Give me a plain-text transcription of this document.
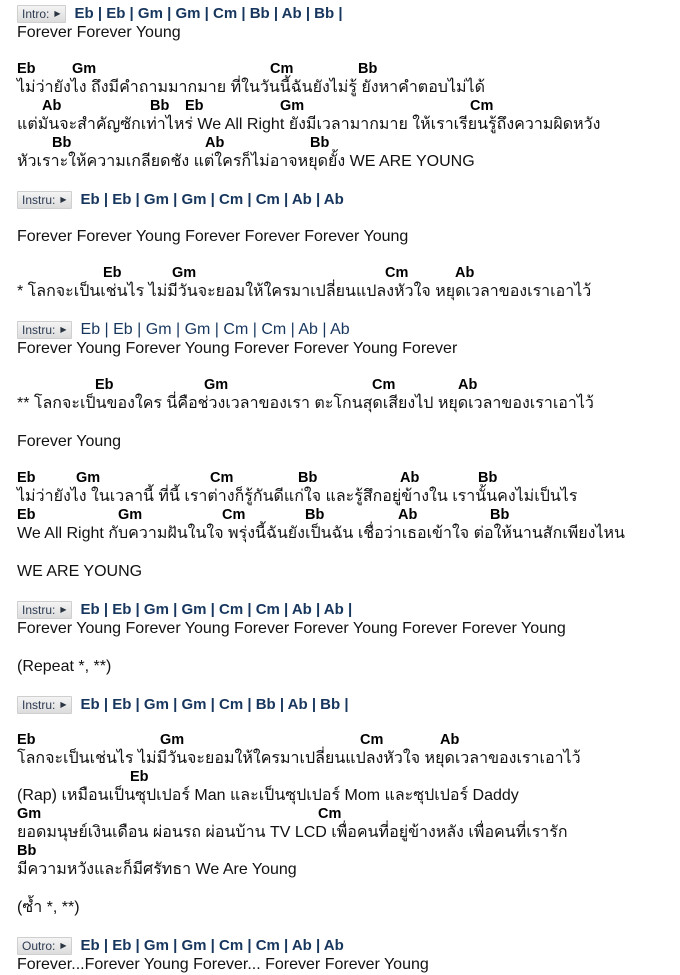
Intro: ▶ Eb | Eb | Gm | Gm | Cm | Bb | Ab | Bb |
Forever Forever Young
Eb	Gm	Cm	Bb
ไม่ว่ายังไง ถึงมีคำถามมากมาย ที่ในวันนี้ฉันยังไม่รู้ ยังหาคำตอบไม่ได้
Ab	Bb Eb	Gm	Cm
แต่มันจะสำคัญซักเท่าไหร่ We All Right ยังมีเวลามากมาย ให้เราเรียนรู้ถึงความผิดหวัง
Bb	Ab	Bb
หัวเราะให้ความเกลียดชัง แต่ใครก็ไม่อาจหยุดยั้ง WE ARE YOUNG
Instru: ▶ Eb | Eb | Gm | Gm | Cm | Cm | Ab | Ab
Forever Forever Young Forever Forever Forever Young
Eb	Gm	Cm	Ab
* โลกจะเป็นเช่นไร ไม่มีวันจะยอมให้ใครมาเปลี่ยนแปลงหัวใจ หยุดเวลาของเราเอาไว้
Instru: ▶ Eb | Eb | Gm | Gm | Cm | Cm | Ab | Ab
Forever Young Forever Young Forever Forever Young Forever
Eb	Gm	Cm	Ab
** โลกจะเป็นของใคร นี่คือช่วงเวลาของเรา ตะโกนสุดเสียงไป หยุดเวลาของเราเอาไว้
Forever Young
Eb	Gm	Cm	Bb	Ab	Bb
ไม่ว่ายังไง ในเวลานี้ ที่นี้ เราต่างก็รู้กันดีแก่ใจ และรู้สึกอยู่ข้างใน เรานั้นคงไม่เป็นไร
Eb	Gm	Cm	Bb	Ab	Bb
We All Right กับความฝันในใจ พรุ่งนี้ฉันยังเป็นฉัน เชื่อว่าเธอเข้าใจ ต่อให้นานสักเพียงไหน
WE ARE YOUNG
Instru: ▶ Eb | Eb | Gm | Gm | Cm | Cm | Ab | Ab |
Forever Young Forever Young Forever Forever Young Forever Forever Young
(Repeat *, **)
Instru: ▶ Eb | Eb | Gm | Gm | Cm | Bb | Ab | Bb |
Eb	Gm	Cm	Ab
โลกจะเป็นเช่นไร ไม่มีวันจะยอมให้ใครมาเปลี่ยนแปลงหัวใจ หยุดเวลาของเราเอาไว้
Eb
(Rap) เหมือนเป็นซุปเปอร์ Man และเป็นซุปเปอร์ Mom และซุปเปอร์ Daddy
Gm	Cm
ยอดมนุษย์เงินเดือน ผ่อนรถ ผ่อนบ้าน TV LCD เพื่อคนที่อยู่ข้างหลัง เพื่อคนที่เรารัก
Bb
มีความหวังและก็มีศรัทธา We Are Young
(ซ้ำ *, **)
Outro: ▶ Eb | Eb | Gm | Gm | Cm | Cm | Ab | Ab
Forever...Forever Young Forever... Forever Forever Young
